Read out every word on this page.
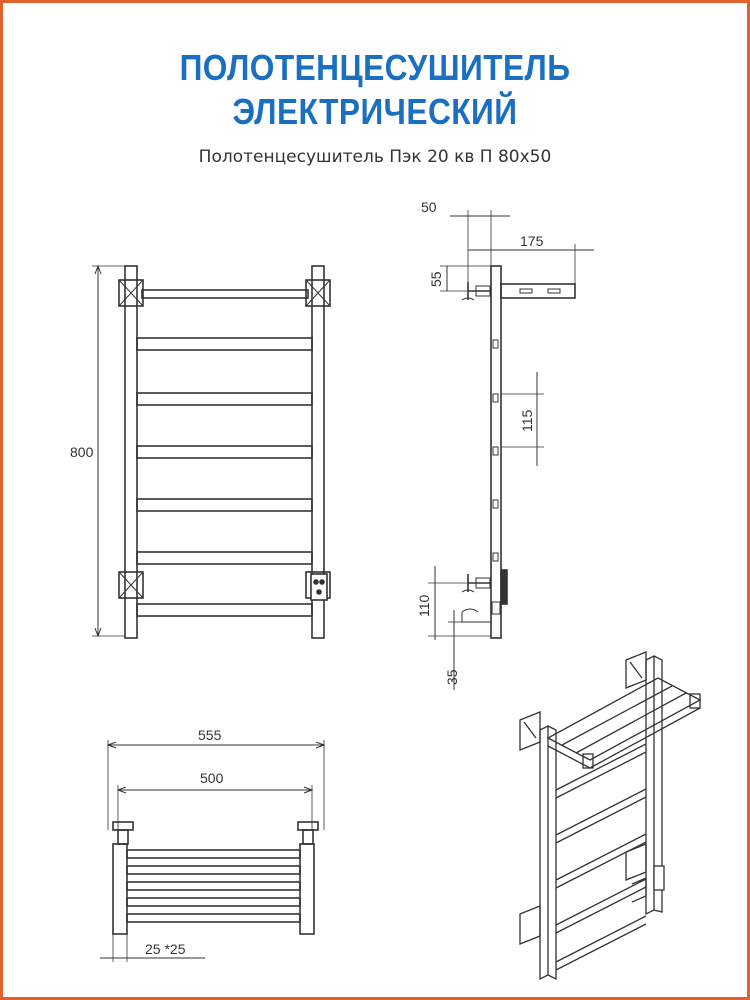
ПОЛОТЕНЦЕСУШИТЕЛЬ
ЭЛЕКТРИЧЕСКИЙ
Полотенцесушитель Пэк 20 кв П 80х50
800
50
175
55
115
110
35
555
500
25 *25
